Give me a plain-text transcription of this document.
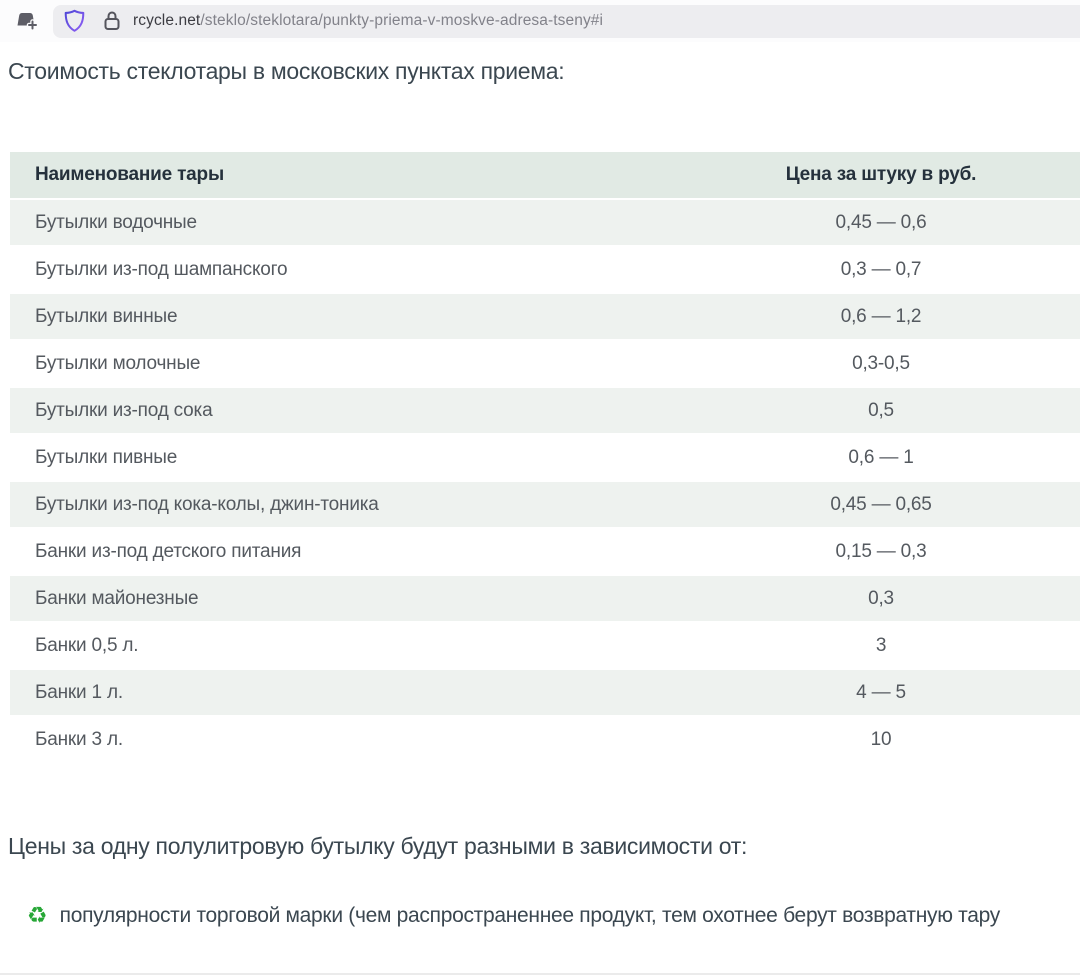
rcycle.net/steklo/steklotara/punkty-priema-v-moskve-adresa-tseny#i
Стоимость стеклотары в московских пунктах приема:
Наименование тары	Цена за штуку в руб.
Бутылки водочные	0,45 — 0,6
Бутылки из-под шампанского	0,3 — 0,7
Бутылки винные	0,6 — 1,2
Бутылки молочные	0,3-0,5
Бутылки из-под сока	0,5
Бутылки пивные	0,6 — 1
Бутылки из-под кока-колы, джин-тоника	0,45 — 0,65
Банки из-под детского питания	0,15 — 0,3
Банки майонезные	0,3
Банки 0,5 л.	3
Банки 1 л.	4 — 5
Банки 3 л.	10
Цены за одну полулитровую бутылку будут разными в зависимости от:
♻ популярности торговой марки (чем распространеннее продукт, тем охотнее берут возвратную тару
